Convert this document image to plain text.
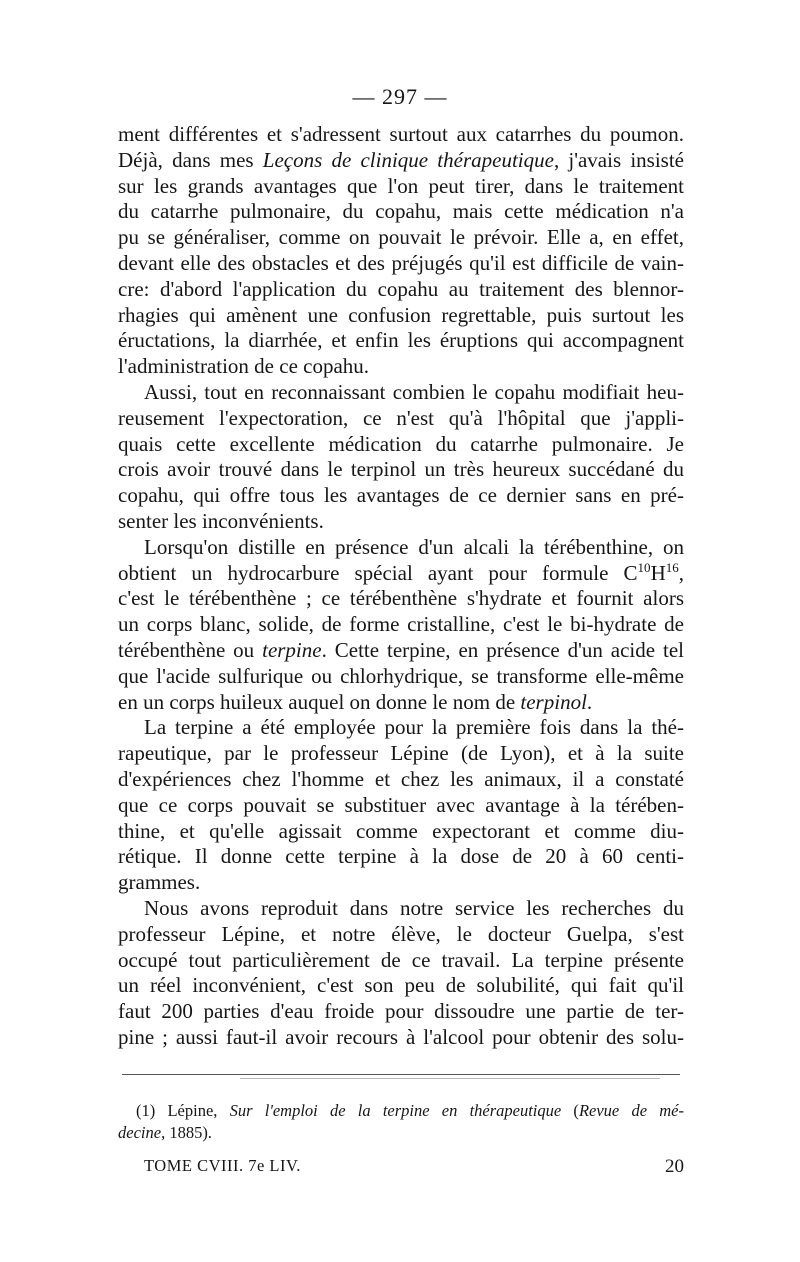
— 297 —
ment différentes et s'adressent surtout aux catarrhes du poumon.
Déjà, dans mes Leçons de clinique thérapeutique, j'avais insisté
sur les grands avantages que l'on peut tirer, dans le traitement
du catarrhe pulmonaire, du copahu, mais cette médication n'a
pu se généraliser, comme on pouvait le prévoir. Elle a, en effet,
devant elle des obstacles et des préjugés qu'il est difficile de vain-
cre: d'abord l'application du copahu au traitement des blennor-
rhagies qui amènent une confusion regrettable, puis surtout les
éructations, la diarrhée, et enfin les éruptions qui accompagnent
l'administration de ce copahu.
Aussi, tout en reconnaissant combien le copahu modifiait heu-
reusement l'expectoration, ce n'est qu'à l'hôpital que j'appli-
quais cette excellente médication du catarrhe pulmonaire. Je
crois avoir trouvé dans le terpinol un très heureux succédané du
copahu, qui offre tous les avantages de ce dernier sans en pré-
senter les inconvénients.
Lorsqu'on distille en présence d'un alcali la térébenthine, on
obtient un hydrocarbure spécial ayant pour formule $C^{10}H^{16}$,
c'est le térébenthène ; ce térébenthène s'hydrate et fournit alors
un corps blanc, solide, de forme cristalline, c'est le bi-hydrate de
térébenthène ou terpine. Cette terpine, en présence d'un acide tel
que l'acide sulfurique ou chlorhydrique, se transforme elle-même
en un corps huileux auquel on donne le nom de terpinol.
La terpine a été employée pour la première fois dans la thé-
rapeutique, par le professeur Lépine (de Lyon), et à la suite
d'expériences chez l'homme et chez les animaux, il a constaté
que ce corps pouvait se substituer avec avantage à la térében-
thine, et qu'elle agissait comme expectorant et comme diu-
rétique. Il donne cette terpine à la dose de 20 à 60 centi-
grammes.
Nous avons reproduit dans notre service les recherches du
professeur Lépine, et notre élève, le docteur Guelpa, s'est
occupé tout particulièrement de ce travail. La terpine présente
un réel inconvénient, c'est son peu de solubilité, qui fait qu'il
faut 200 parties d'eau froide pour dissoudre une partie de ter-
pine ; aussi faut-il avoir recours à l'alcool pour obtenir des solu-
(1) Lépine, Sur l'emploi de la terpine en thérapeutique (Revue de mé-
decine, 1885).
TOME CVIII. 7e LIV.	20
